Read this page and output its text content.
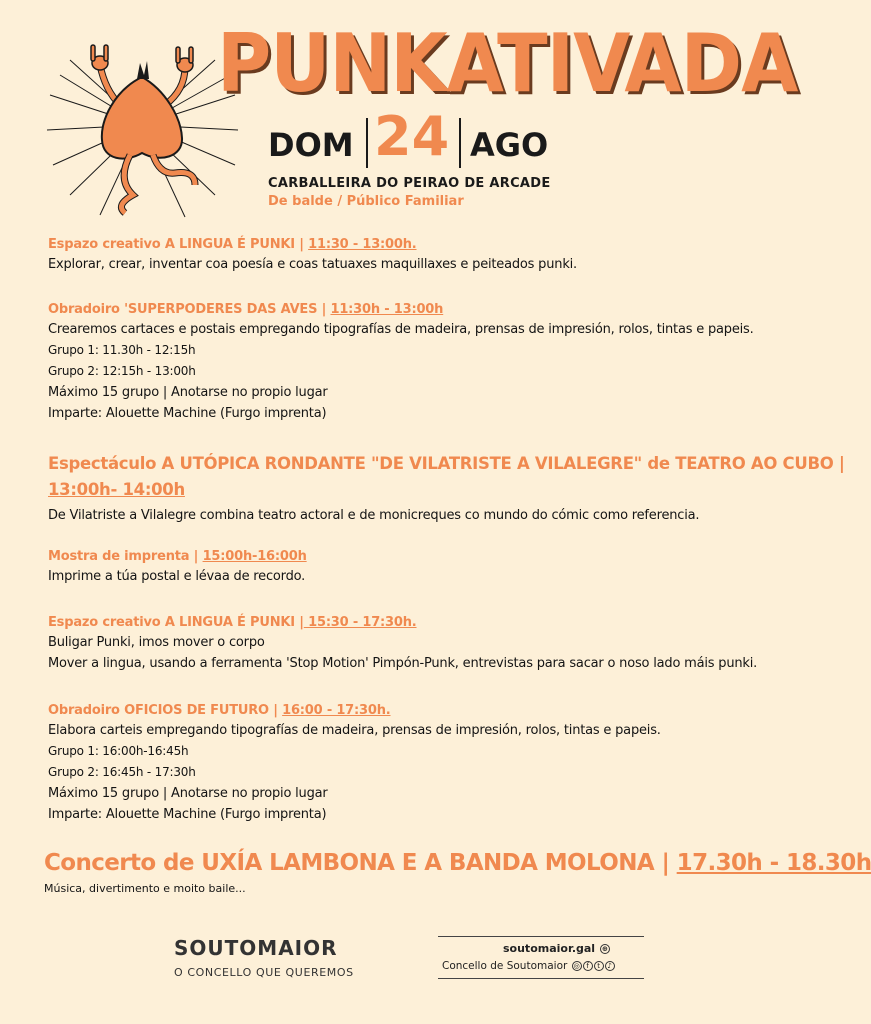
PUNKATIVADA
DOM 24 AGO
CARBALLEIRA DO PEIRAO DE ARCADE
De balde / Público Familiar
Espazo creativo A LINGUA É PUNKI | 11:30 - 13:00h.
Explorar, crear, inventar coa poesía e coas tatuaxes maquillaxes e peiteados punki.
Obradoiro 'SUPERPODERES DAS AVES | 11:30h - 13:00h
Crearemos cartaces e postais empregando tipografías de madeira, prensas de impresión, rolos, tintas e papeis.
Grupo 1: 11.30h - 12:15h
Grupo 2: 12:15h - 13:00h
Máximo 15 grupo | Anotarse no propio lugar
Imparte: Alouette Machine (Furgo imprenta)
Espectáculo A UTÓPICA RONDANTE "DE VILATRISTE A VILALEGRE" de TEATRO AO CUBO |
13:00h- 14:00h
De Vilatriste a Vilalegre combina teatro actoral e de monicreques co mundo do cómic como referencia.
Mostra de imprenta | 15:00h-16:00h
Imprime a túa postal e lévaa de recordo.
Espazo creativo A LINGUA É PUNKI | 15:30 - 17:30h.
Buligar Punki, imos mover o corpo
Mover a lingua, usando a ferramenta 'Stop Motion' Pimpón-Punk, entrevistas para sacar o noso lado máis punki.
Obradoiro OFICIOS DE FUTURO | 16:00 - 17:30h.
Elabora carteis empregando tipografías de madeira, prensas de impresión, rolos, tintas e papeis.
Grupo 1: 16:00h-16:45h
Grupo 2: 16:45h - 17:30h
Máximo 15 grupo | Anotarse no propio lugar
Imparte: Alouette Machine (Furgo imprenta)
Concerto de UXÍA LAMBONA E A BANDA MOLONA | 17.30h - 18.30h
Música, divertimento e moito baile...
SOUTOMAIOR
O CONCELLO QUE QUEREMOS
soutomaior.gal ⊕
Concello de Soutomaior ◎ f t ♪
